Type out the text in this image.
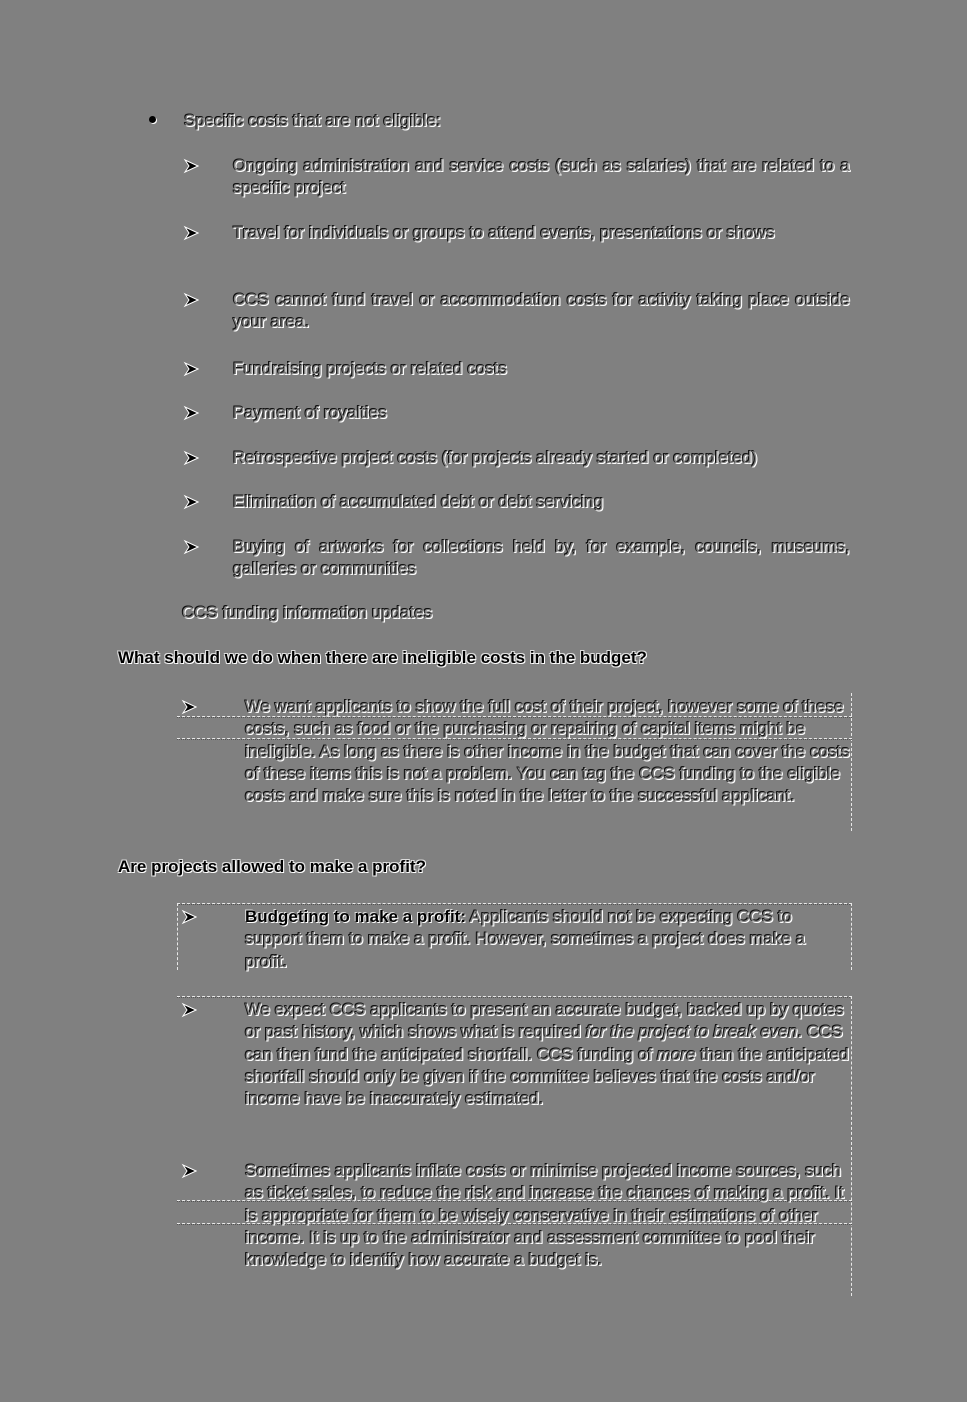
Specific costs that are not eligible:
Ongoing administration and service costs (such as salaries) that are related to a specific project
Travel for individuals or groups to attend events, presentations or shows
CCS cannot fund travel or accommodation costs for activity taking place outside your area.
Fundraising projects or related costs
Payment of royalties
Retrospective project costs (for projects already started or completed)
Elimination of accumulated debt or debt servicing
Buying of artworks for collections held by, for example, councils, museums, galleries or communities
CCS funding information updates
What should we do when there are ineligible costs in the budget?
We want applicants to show the full cost of their project, however some of these costs, such as food or the purchasing or repairing of capital items might be ineligible. As long as there is other income in the budget that can cover the costs of these items this is not a problem. You can tag the CCS funding to the eligible costs and make sure this is noted in the letter to the successful applicant.
Are projects allowed to make a profit?
Budgeting to make a profit: Applicants should not be expecting CCS to support them to make a profit. However, sometimes a project does make a profit.
We expect CCS applicants to present an accurate budget, backed up by quotes or past history, which shows what is required for the project to break even. CCS can then fund the anticipated shortfall. CCS funding of more than the anticipated shortfall should only be given if the committee believes that the costs and/or income have be inaccurately estimated.
Sometimes applicants inflate costs or minimise projected income sources, such as ticket sales, to reduce the risk and increase the chances of making a profit. It is appropriate for them to be wisely conservative in their estimations of other income. It is up to the administrator and assessment committee to pool their knowledge to identify how accurate a budget is.
